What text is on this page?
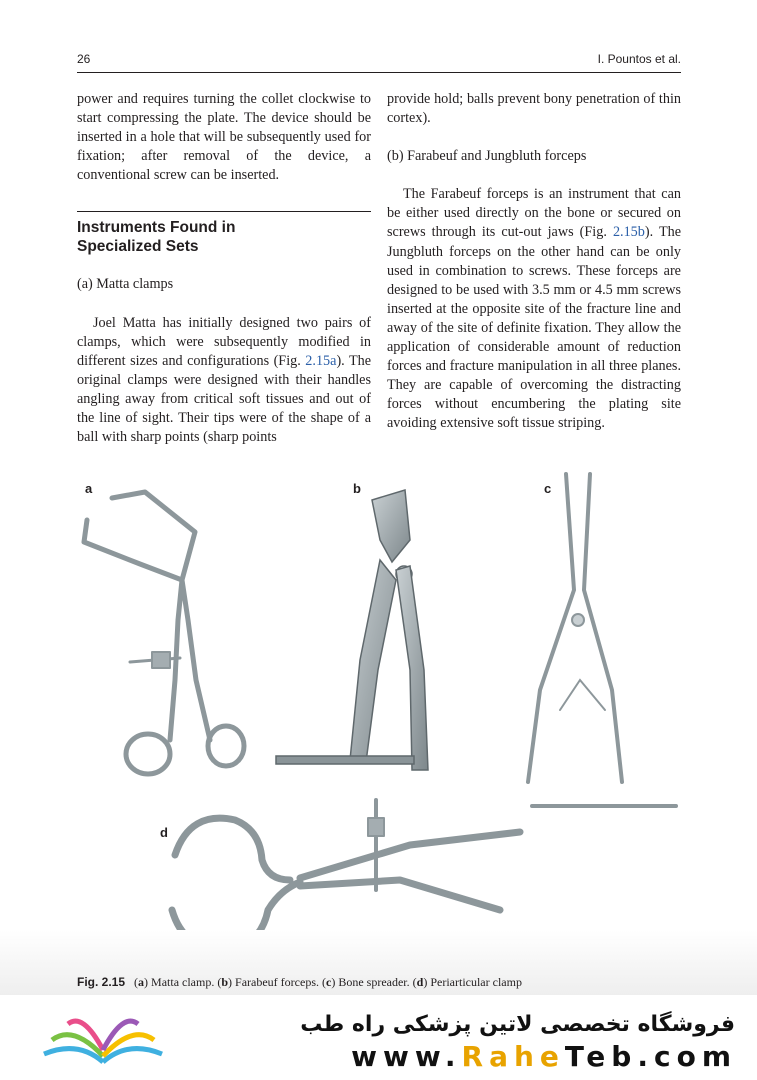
26	I. Pountos et al.

power and requires turning the collet clockwise to start compressing the plate. The device should be inserted in a hole that will be subsequently used for fixation; after removal of the device, a conventional screw can be inserted.

Instruments Found in
Specialized Sets

(a) Matta clamps

Joel Matta has initially designed two pairs of clamps, which were subsequently modified in different sizes and configurations (Fig. 2.15a). The original clamps were designed with their handles angling away from critical soft tissues and out of the line of sight. Their tips were of the shape of a ball with sharp points (sharp points

provide hold; balls prevent bony penetration of thin cortex).

(b) Farabeuf and Jungbluth forceps

The Farabeuf forceps is an instrument that can be either used directly on the bone or secured on screws through its cut-out jaws (Fig. 2.15b). The Jungbluth forceps on the other hand can be only used in combination to screws. These forceps are designed to be used with 3.5 mm or 4.5 mm screws inserted at the opposite site of the fracture line and away of the site of definite fixation. They allow the application of considerable amount of reduction forces and fracture manipulation in all three planes. They are capable of overcoming the distracting forces without encumbering the plating site avoiding extensive soft tissue striping.

a	b	c
d
Fig. 2.15 (a) Matta clamp. (b) Farabeuf forceps. (c) Bone spreader. (d) Periarticular clamp
فروشگاه تخصصی لاتین پزشکی راه طب
www.RaheTeb.com
